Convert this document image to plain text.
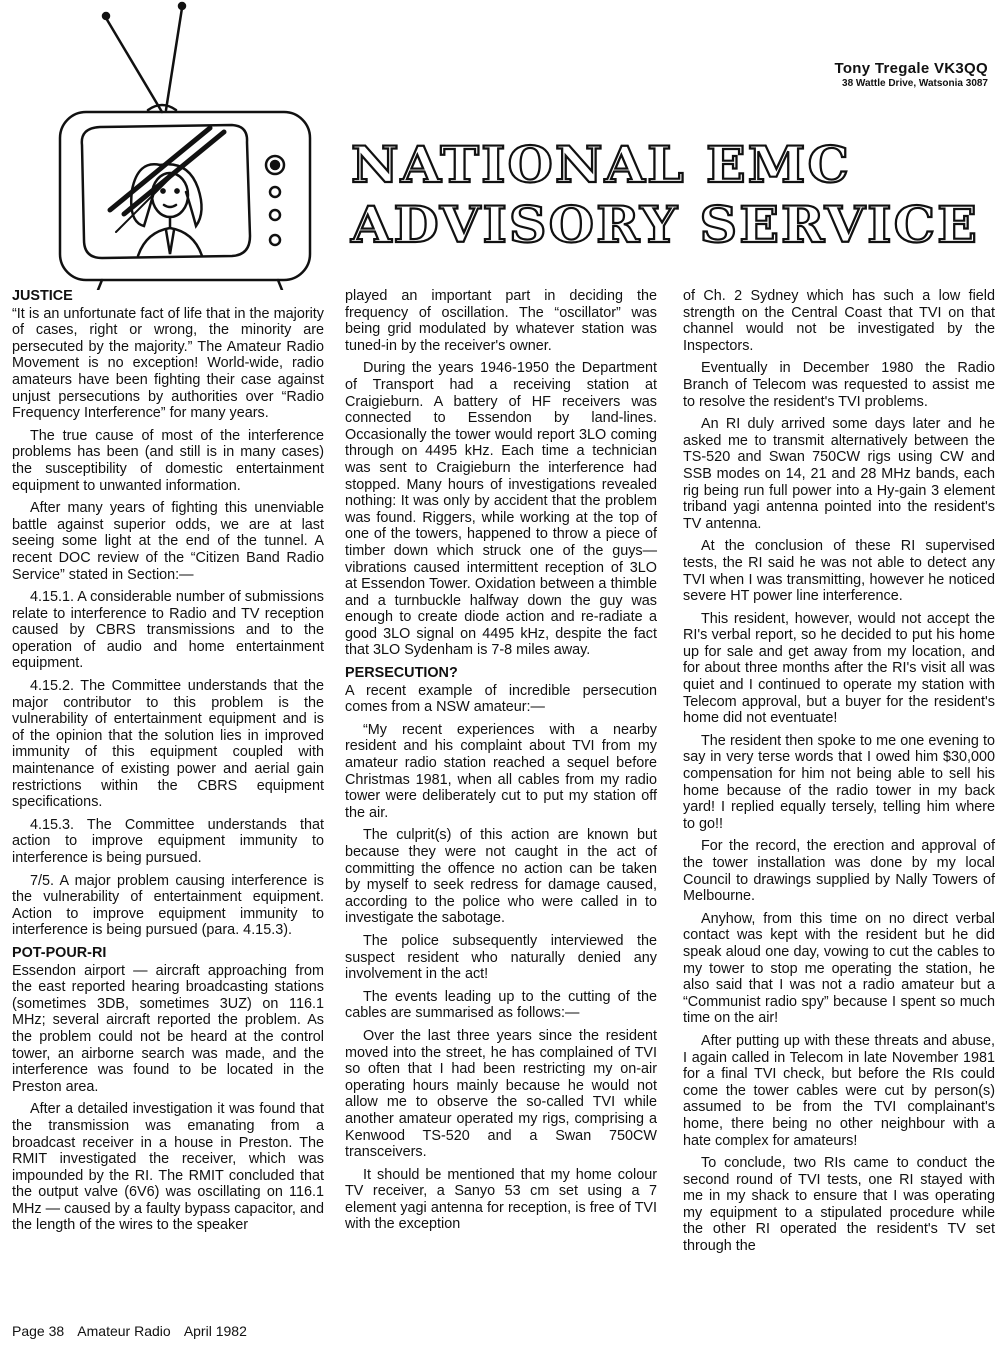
Tony Tregale VK3QQ
38 Wattle Drive, Watsonia 3087
NATIONAL EMC
ADVISORY SERVICE
JUSTICE

“It is an unfortunate fact of life that in the majority of cases, right or wrong, the minority are persecuted by the majority.” The Amateur Radio Movement is no exception! World-wide, radio amateurs have been fighting their case against unjust persecutions by authorities over “Radio Frequency Interference” for many years.

The true cause of most of the interference problems has been (and still is in many cases) the susceptibility of domestic entertainment equipment to unwanted information.

After many years of fighting this unenviable battle against superior odds, we are at last seeing some light at the end of the tunnel. A recent DOC review of the “Citizen Band Radio Service” stated in Section:—

4.15.1. A considerable number of submissions relate to interference to Radio and TV reception caused by CBRS transmissions and to the operation of audio and home entertainment equipment.

4.15.2. The Committee understands that the major contributor to this problem is the vulnerability of entertainment equipment and is of the opinion that the solution lies in improved immunity of this equipment coupled with maintenance of existing power and aerial gain restrictions within the CBRS equipment specifications.

4.15.3. The Committee understands that action to improve equipment immunity to interference is being pursued.

7/5. A major problem causing interference is the vulnerability of entertainment equipment. Action to improve equipment immunity to interference is being pursued (para. 4.15.3).

POT-POUR-RI

Essendon airport — aircraft approaching from the east reported hearing broadcasting stations (sometimes 3DB, sometimes 3UZ) on 116.1 MHz; several aircraft reported the problem. As the problem could not be heard at the control tower, an airborne search was made, and the interference was found to be located in the Preston area.

After a detailed investigation it was found that the transmission was emanating from a broadcast receiver in a house in Preston. The RMIT investigated the receiver, which was impounded by the RI. The RMIT concluded that the output valve (6V6) was oscillating on 116.1 MHz — caused by a faulty bypass capacitor, and the length of the wires to the speaker

played an important part in deciding the frequency of oscillation. The “oscillator” was being grid modulated by whatever station was tuned-in by the receiver's owner.

During the years 1946-1950 the Department of Transport had a receiving station at Craigieburn. A battery of HF receivers was connected to Essendon by land-lines. Occasionally the tower would report 3LO coming through on 4495 kHz. Each time a technician was sent to Craigieburn the interference had stopped. Many hours of investigations revealed nothing: It was only by accident that the problem was found. Riggers, while working at the top of one of the towers, happened to throw a piece of timber down which struck one of the guys—vibrations caused intermittent reception of 3LO at Essendon Tower. Oxidation between a thimble and a turnbuckle halfway down the guy was enough to create diode action and re-radiate a good 3LO signal on 4495 kHz, despite the fact that 3LO Sydenham is 7-8 miles away.

PERSECUTION?

A recent example of incredible persecution comes from a NSW amateur:—

“My recent experiences with a nearby resident and his complaint about TVI from my amateur radio station reached a sequel before Christmas 1981, when all cables from my radio tower were deliberately cut to put my station off the air.

The culprit(s) of this action are known but because they were not caught in the act of committing the offence no action can be taken by myself to seek redress for damage caused, according to the police who were called in to investigate the sabotage.

The police subsequently interviewed the suspect resident who naturally denied any involvement in the act!

The events leading up to the cutting of the cables are summarised as follows:—

Over the last three years since the resident moved into the street, he has complained of TVI so often that I had been restricting my on-air operating hours mainly because he would not allow me to observe the so-called TVI while another amateur operated my rigs, comprising a Kenwood TS-520 and a Swan 750CW transceivers.

It should be mentioned that my home colour TV receiver, a Sanyo 53 cm set using a 7 element yagi antenna for reception, is free of TVI with the exception

of Ch. 2 Sydney which has such a low field strength on the Central Coast that TVI on that channel would not be investigated by the Inspectors.

Eventually in December 1980 the Radio Branch of Telecom was requested to assist me to resolve the resident's TVI problems.

An RI duly arrived some days later and he asked me to transmit alternatively between the TS-520 and Swan 750CW rigs using CW and SSB modes on 14, 21 and 28 MHz bands, each rig being run full power into a Hy-gain 3 element triband yagi antenna pointed into the resident's TV antenna.

At the conclusion of these RI supervised tests, the RI said he was not able to detect any TVI when I was transmitting, however he noticed severe HT power line interference.

This resident, however, would not accept the RI's verbal report, so he decided to put his home up for sale and get away from my location, and for about three months after the RI's visit all was quiet and I continued to operate my station with Telecom approval, but a buyer for the resident's home did not eventuate!

The resident then spoke to me one evening to say in very terse words that I owed him $30,000 compensation for him not being able to sell his home because of the radio tower in my back yard! I replied equally tersely, telling him where to go!!

For the record, the erection and approval of the tower installation was done by my local Council to drawings supplied by Nally Towers of Melbourne.

Anyhow, from this time on no direct verbal contact was kept with the resident but he did speak aloud one day, vowing to cut the cables to my tower to stop me operating the station, he also said that I was not a radio amateur but a “Communist radio spy” because I spent so much time on the air!

After putting up with these threats and abuse, I again called in Telecom in late November 1981 for a final TVI check, but before the RIs could come the tower cables were cut by person(s) assumed to be from the TVI complainant's home, there being no other neighbour with a hate complex for amateurs!

To conclude, two RIs came to conduct the second round of TVI tests, one RI stayed with me in my shack to ensure that I was operating my equipment to a stipulated procedure while the other RI operated the resident's TV set through the

Page 38 Amateur Radio April 1982
